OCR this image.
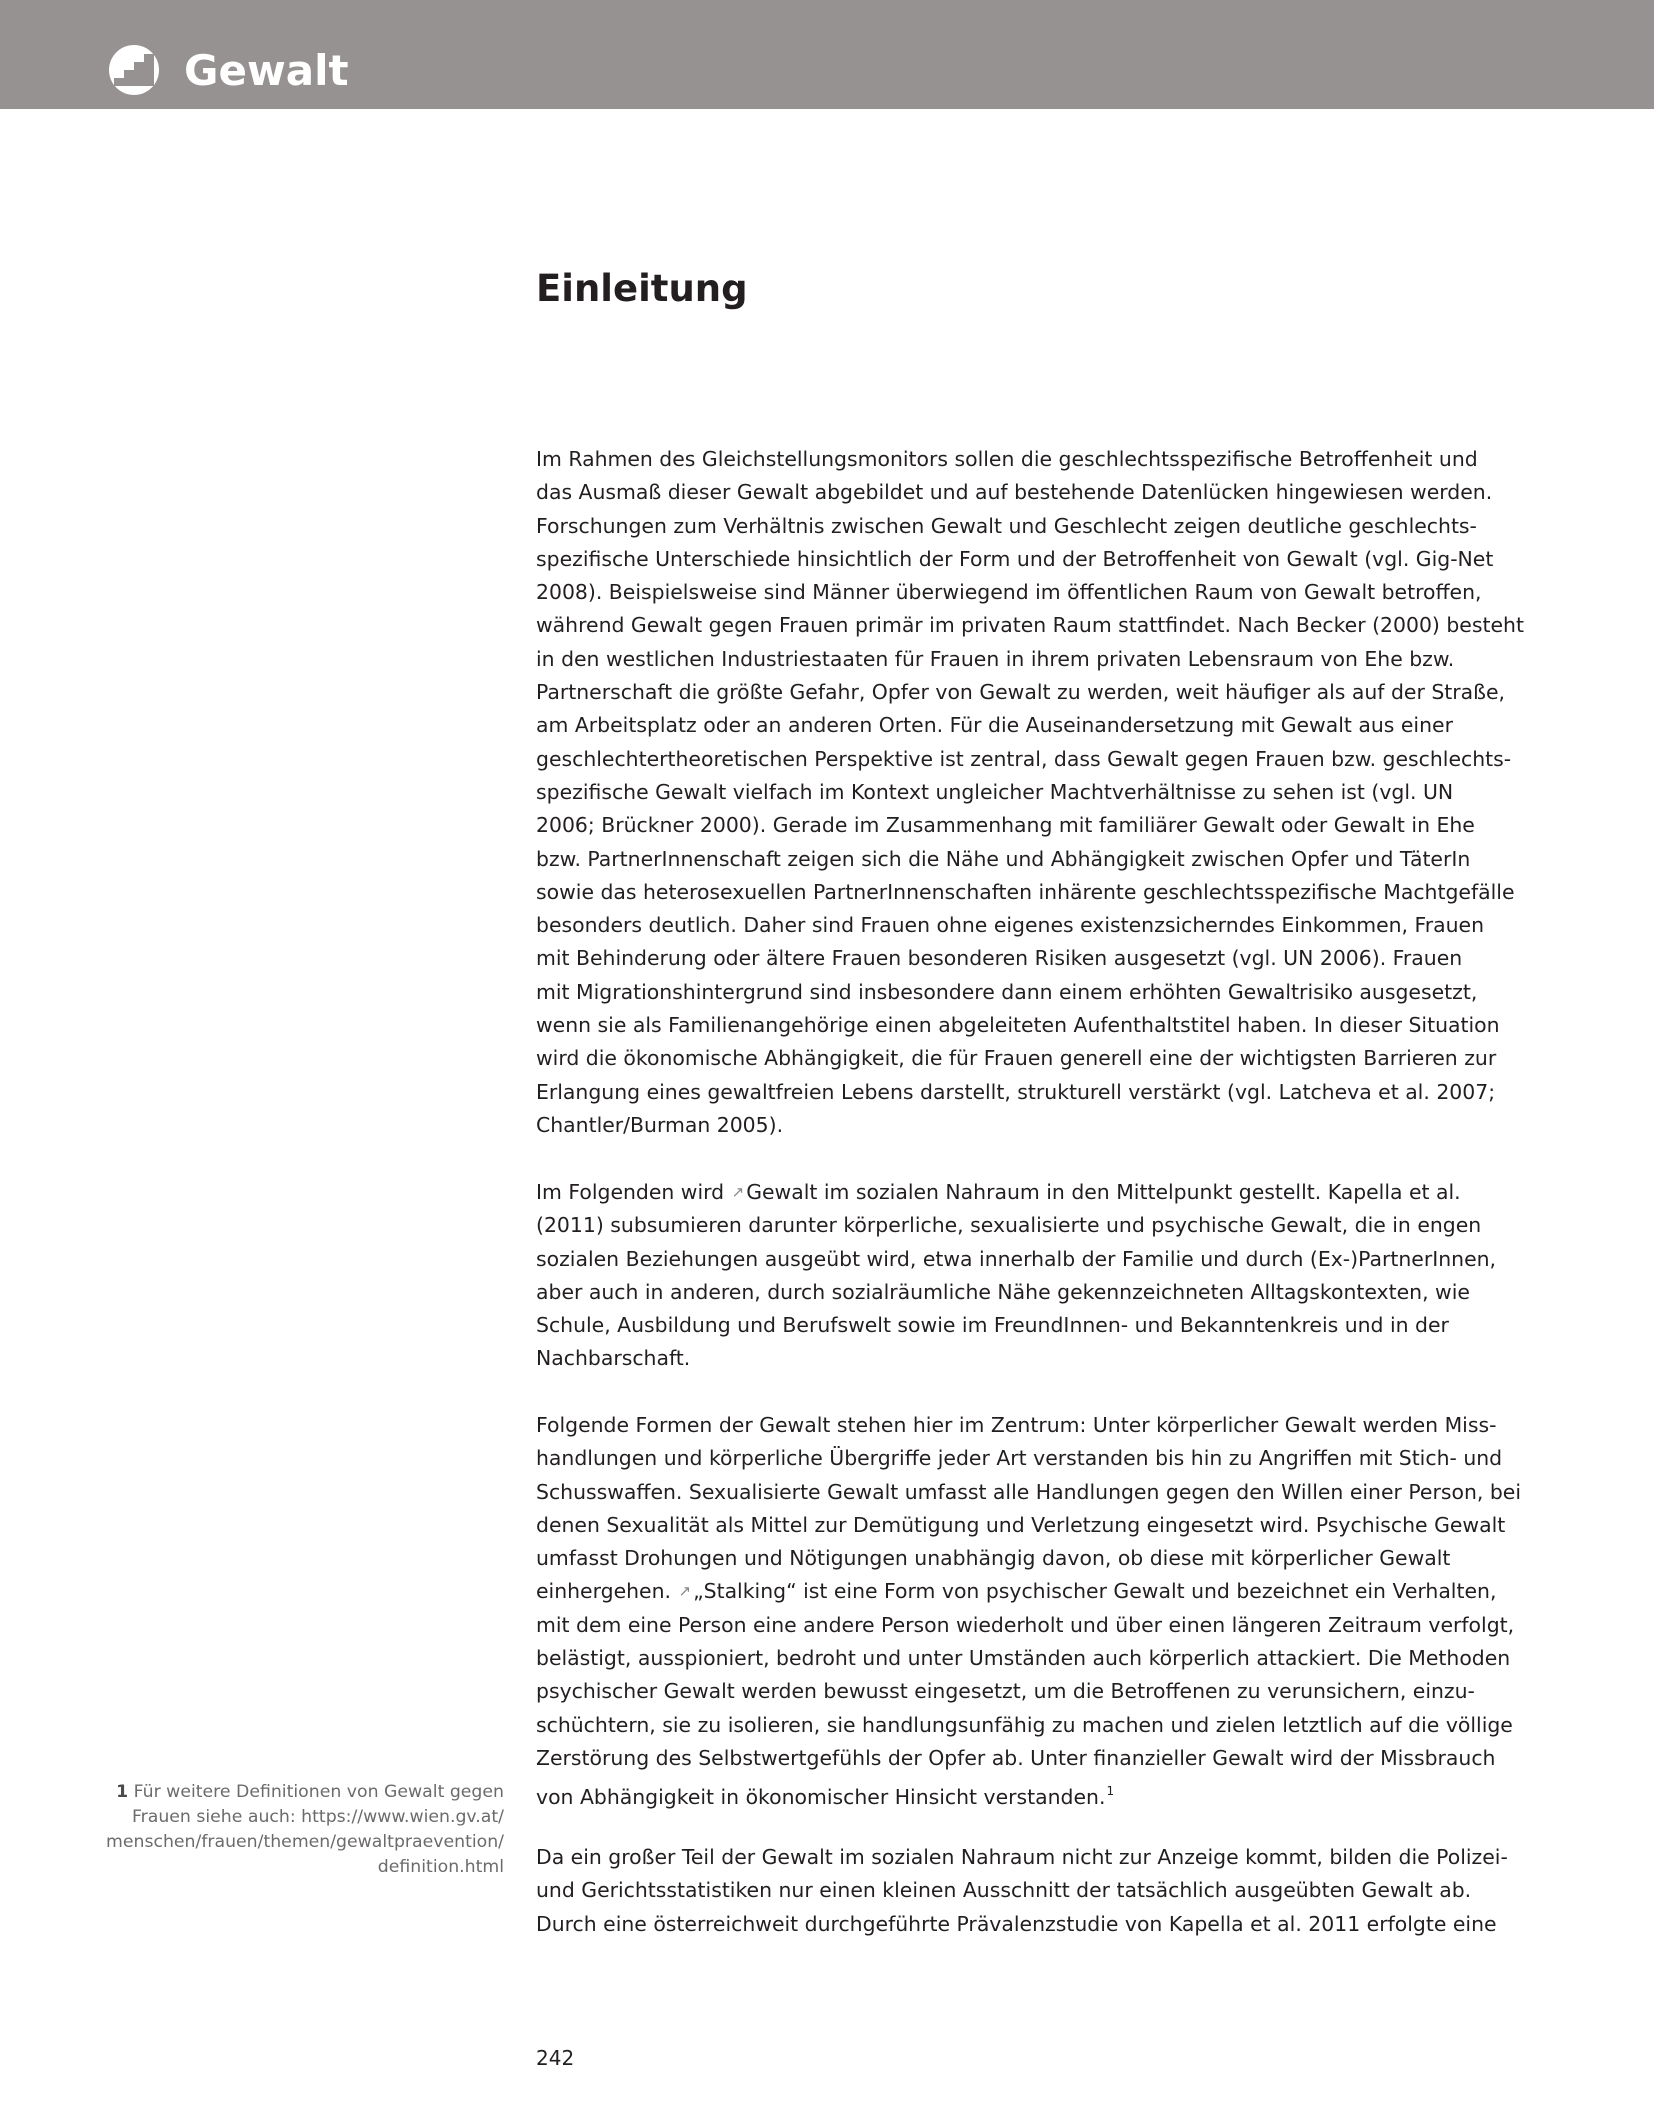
Gewalt
Einleitung
Im Rahmen des Gleichstellungsmonitors sollen die geschlechtsspezifische Betroffenheit und
das Ausmaß dieser Gewalt abgebildet und auf bestehende Datenlücken hingewiesen werden.
Forschungen zum Verhältnis zwischen Gewalt und Geschlecht zeigen deutliche geschlechts-
spezifische Unterschiede hinsichtlich der Form und der Betroffenheit von Gewalt (vgl. Gig-Net
2008). Beispielsweise sind Männer überwiegend im öffentlichen Raum von Gewalt betroffen,
während Gewalt gegen Frauen primär im privaten Raum stattfindet. Nach Becker (2000) besteht
in den westlichen Industriestaaten für Frauen in ihrem privaten Lebensraum von Ehe bzw.
Partnerschaft die größte Gefahr, Opfer von Gewalt zu werden, weit häufiger als auf der Straße,
am Arbeitsplatz oder an anderen Orten. Für die Auseinandersetzung mit Gewalt aus einer
geschlechtertheoretischen Perspektive ist zentral, dass Gewalt gegen Frauen bzw. geschlechts-
spezifische Gewalt vielfach im Kontext ungleicher Machtverhältnisse zu sehen ist (vgl. UN
2006; Brückner 2000). Gerade im Zusammenhang mit familiärer Gewalt oder Gewalt in Ehe
bzw. PartnerInnenschaft zeigen sich die Nähe und Abhängigkeit zwischen Opfer und TäterIn
sowie das heterosexuellen PartnerInnenschaften inhärente geschlechtsspezifische Machtgefälle
besonders deutlich. Daher sind Frauen ohne eigenes existenzsicherndes Einkommen, Frauen
mit Behinderung oder ältere Frauen besonderen Risiken ausgesetzt (vgl. UN 2006). Frauen
mit Migrationshintergrund sind insbesondere dann einem erhöhten Gewaltrisiko ausgesetzt,
wenn sie als Familienangehörige einen abgeleiteten Aufenthaltstitel haben. In dieser Situation
wird die ökonomische Abhängigkeit, die für Frauen generell eine der wichtigsten Barrieren zur
Erlangung eines gewaltfreien Lebens darstellt, strukturell verstärkt (vgl. Latcheva et al. 2007;
Chantler/Burman 2005).
Im Folgenden wird ↗Gewalt im sozialen Nahraum in den Mittelpunkt gestellt. Kapella et al.
(2011) subsumieren darunter körperliche, sexualisierte und psychische Gewalt, die in engen
sozialen Beziehungen ausgeübt wird, etwa innerhalb der Familie und durch (Ex-)PartnerInnen,
aber auch in anderen, durch sozialräumliche Nähe gekennzeichneten Alltagskontexten, wie
Schule, Ausbildung und Berufswelt sowie im FreundInnen- und Bekanntenkreis und in der
Nachbarschaft.
Folgende Formen der Gewalt stehen hier im Zentrum: Unter körperlicher Gewalt werden Miss-
handlungen und körperliche Übergriffe jeder Art verstanden bis hin zu Angriffen mit Stich- und
Schusswaffen. Sexualisierte Gewalt umfasst alle Handlungen gegen den Willen einer Person, bei
denen Sexualität als Mittel zur Demütigung und Verletzung eingesetzt wird. Psychische Gewalt
umfasst Drohungen und Nötigungen unabhängig davon, ob diese mit körperlicher Gewalt
einhergehen. ↗„Stalking“ ist eine Form von psychischer Gewalt und bezeichnet ein Verhalten,
mit dem eine Person eine andere Person wiederholt und über einen längeren Zeitraum verfolgt,
belästigt, ausspioniert, bedroht und unter Umständen auch körperlich attackiert. Die Methoden
psychischer Gewalt werden bewusst eingesetzt, um die Betroffenen zu verunsichern, einzu-
schüchtern, sie zu isolieren, sie handlungsunfähig zu machen und zielen letztlich auf die völlige
Zerstörung des Selbstwertgefühls der Opfer ab. Unter finanzieller Gewalt wird der Missbrauch
von Abhängigkeit in ökonomischer Hinsicht verstanden.$^1$
Da ein großer Teil der Gewalt im sozialen Nahraum nicht zur Anzeige kommt, bilden die Polizei-
und Gerichtsstatistiken nur einen kleinen Ausschnitt der tatsächlich ausgeübten Gewalt ab.
Durch eine österreichweit durchgeführte Prävalenzstudie von Kapella et al. 2011 erfolgte eine
1 Für weitere Definitionen von Gewalt gegen
Frauen siehe auch: https://www.wien.gv.at/
menschen/frauen/themen/gewaltpraevention/
definition.html
242
